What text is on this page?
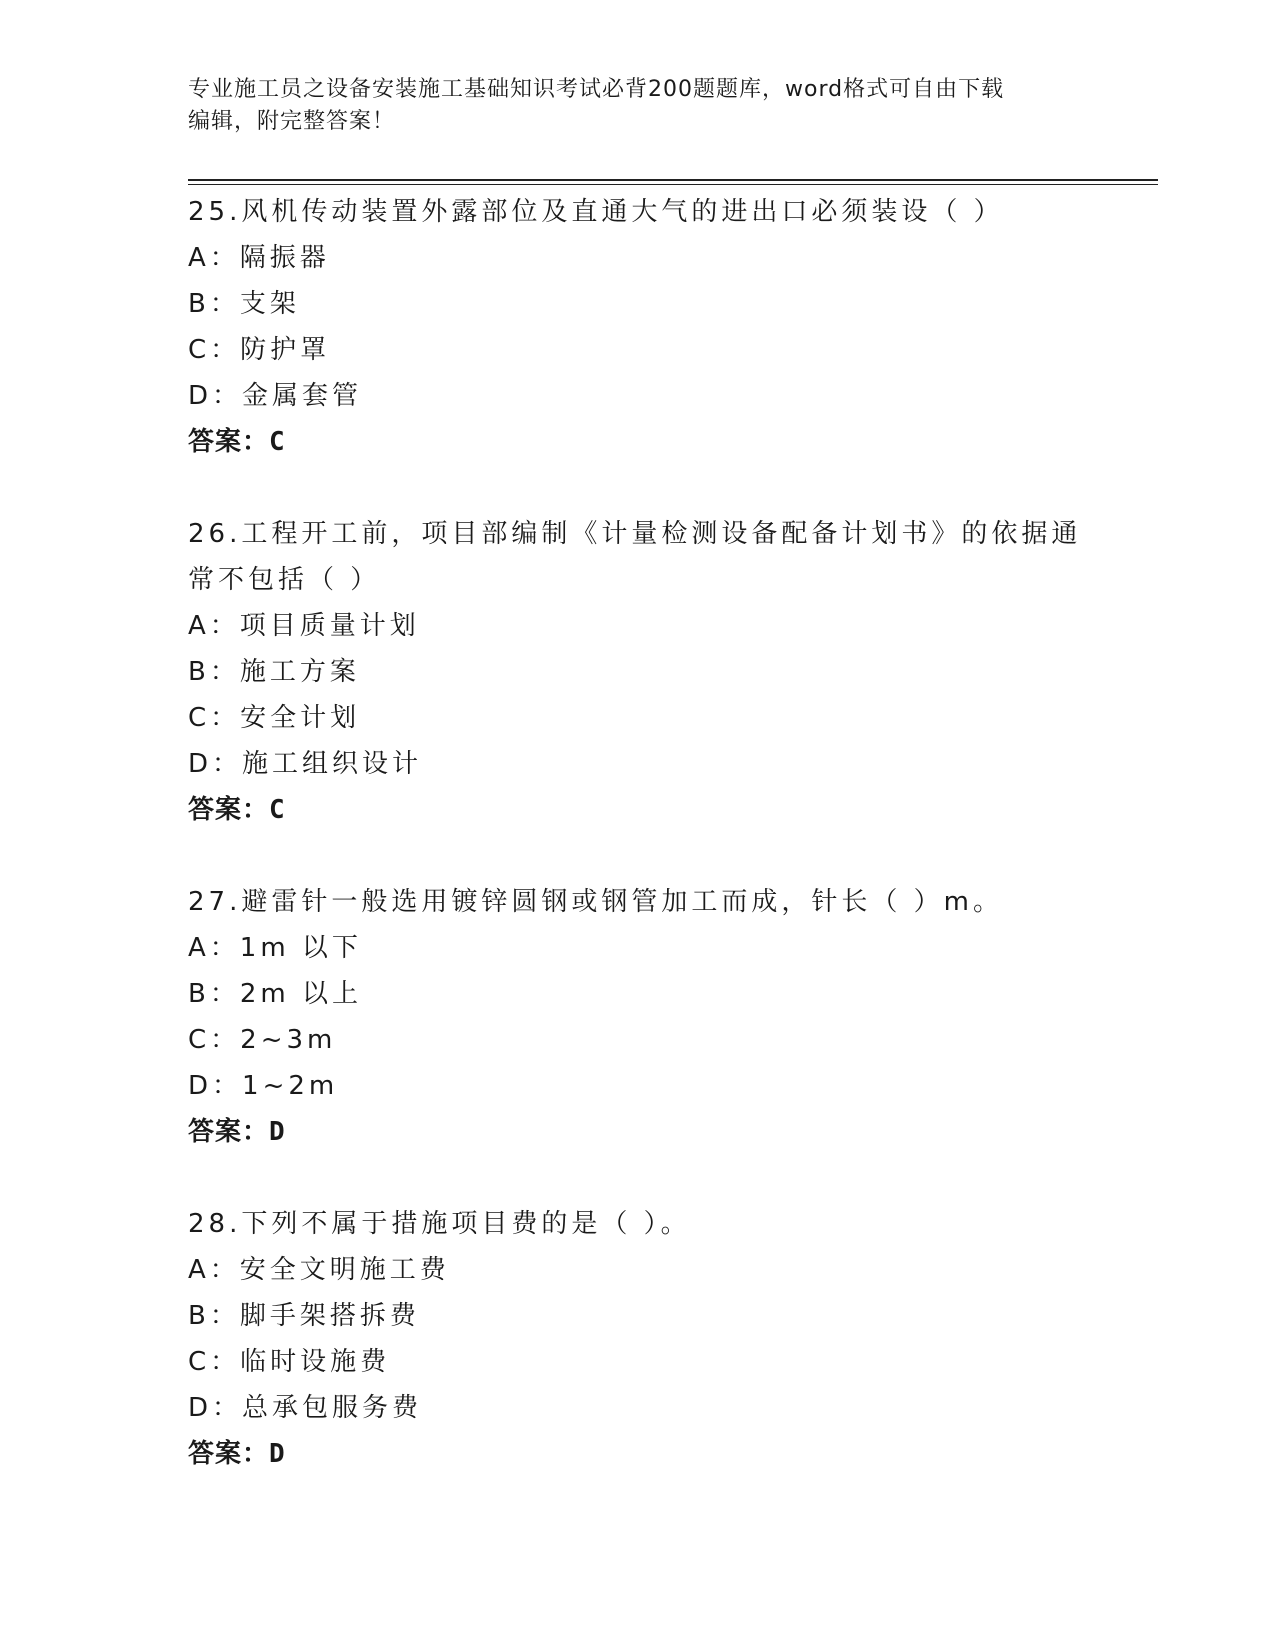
专业施工员之设备安装施工基础知识考试必背200题题库，word格式可自由下载
编辑，附完整答案！
25.风机传动装置外露部位及直通大气的进出口必须装设（ ）
A：隔振器
B：支架
C：防护罩
D：金属套管
答案：C
26.工程开工前，项目部编制《计量检测设备配备计划书》的依据通常不包括（ ）
A：项目质量计划
B：施工方案
C：安全计划
D：施工组织设计
答案：C
27.避雷针一般选用镀锌圆钢或钢管加工而成，针长（ ）m。
A：1m 以下
B：2m 以上
C：2~3m
D：1~2m
答案：D
28.下列不属于措施项目费的是（ ）。
A：安全文明施工费
B：脚手架搭拆费
C：临时设施费
D：总承包服务费
答案：D
